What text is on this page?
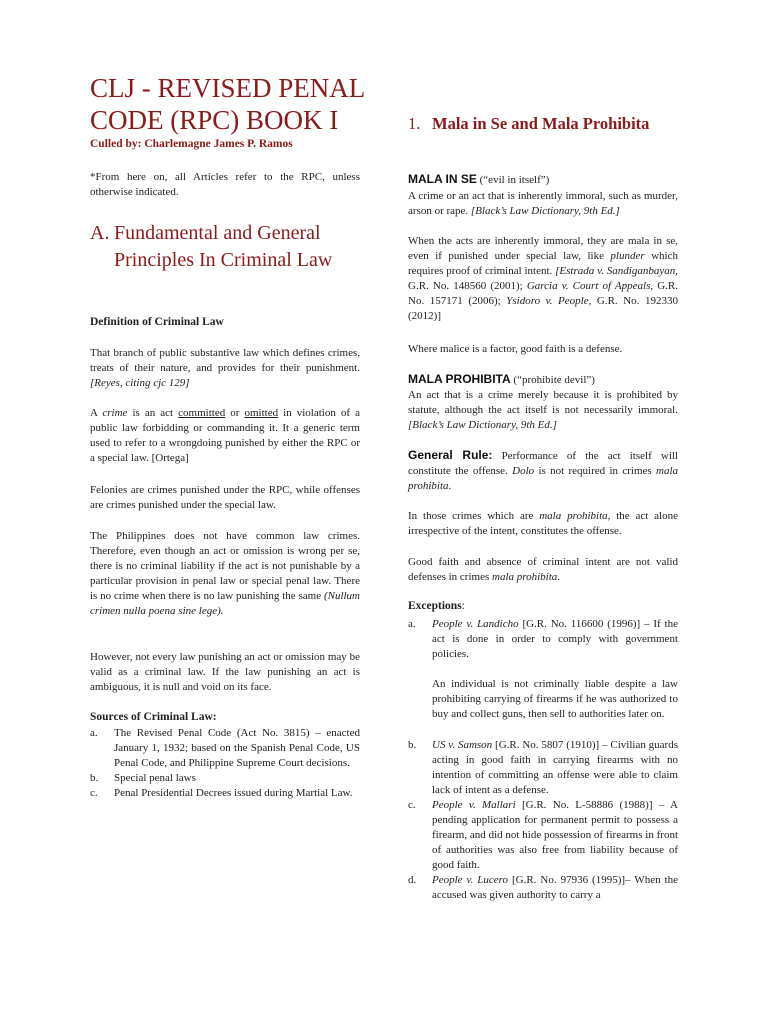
CLJ - REVISED PENAL CODE (RPC) BOOK I
Culled by: Charlemagne James P. Ramos

*From here on, all Articles refer to the RPC, unless otherwise indicated.

A. Fundamental and General Principles In Criminal Law
Definition of Criminal Law

That branch of public substantive law which defines crimes, treats of their nature, and provides for their punishment. [Reyes, citing cjc 129]

A crime is an act committed or omitted in violation of a public law forbidding or commanding it. It a generic term used to refer to a wrongdoing punished by either the RPC or a special law. [Ortega]

Felonies are crimes punished under the RPC, while offenses are crimes punished under the special law.

The Philippines does not have common law crimes. Therefore, even though an act or omission is wrong per se, there is no criminal liability if the act is not punishable by a particular provision in penal law or special penal law. There is no crime when there is no law punishing the same (Nullum crimen nulla poena sine lege).

However, not every law punishing an act or omission may be valid as a criminal law. If the law punishing an act is ambiguous, it is null and void on its face.

Sources of Criminal Law:
a. The Revised Penal Code (Act No. 3815) – enacted January 1, 1932; based on the Spanish Penal Code, US Penal Code, and Philippine Supreme Court decisions.
b. Special penal laws
c. Penal Presidential Decrees issued during Martial Law.
1. Mala in Se and Mala Prohibita

MALA IN SE (“evil in itself”)

A crime or an act that is inherently immoral, such as murder, arson or rape. [Black’s Law Dictionary, 9th Ed.]

When the acts are inherently immoral, they are mala in se, even if punished under special law, like plunder which requires proof of criminal intent. [Estrada v. Sandiganbayan, G.R. No. 148560 (2001); Garcia v. Court of Appeals, G.R. No. 157171 (2006); Ysidoro v. People, G.R. No. 192330 (2012)]

Where malice is a factor, good faith is a defense.

MALA PROHIBITA (“prohibite devil”)

An act that is a crime merely because it is prohibited by statute, although the act itself is not necessarily immoral. [Black’s Law Dictionary, 9th Ed.]

General Rule: Performance of the act itself will constitute the offense. Dolo is not required in crimes mala prohibita.

In those crimes which are mala prohibita, the act alone irrespective of the intent, constitutes the offense.

Good faith and absence of criminal intent are not valid defenses in crimes mala prohibita.

Exceptions:
a. People v. Landicho [G.R. No. 116600 (1996)] – If the act is done in order to comply with government policies.
An individual is not criminally liable despite a law prohibiting carrying of firearms if he was authorized to buy and collect guns, then sell to authorities later on.
b. US v. Samson [G.R. No. 5807 (1910)] – Civilian guards acting in good faith in carrying firearms with no intention of committing an offense were able to claim lack of intent as a defense.
c. People v. Mallari [G.R. No. L-58886 (1988)] – A pending application for permanent permit to possess a firearm, and did not hide possession of firearms in front of authorities was also free from liability because of good faith.
d. People v. Lucero [G.R. No. 97936 (1995)]– When the accused was given authority to carry a
